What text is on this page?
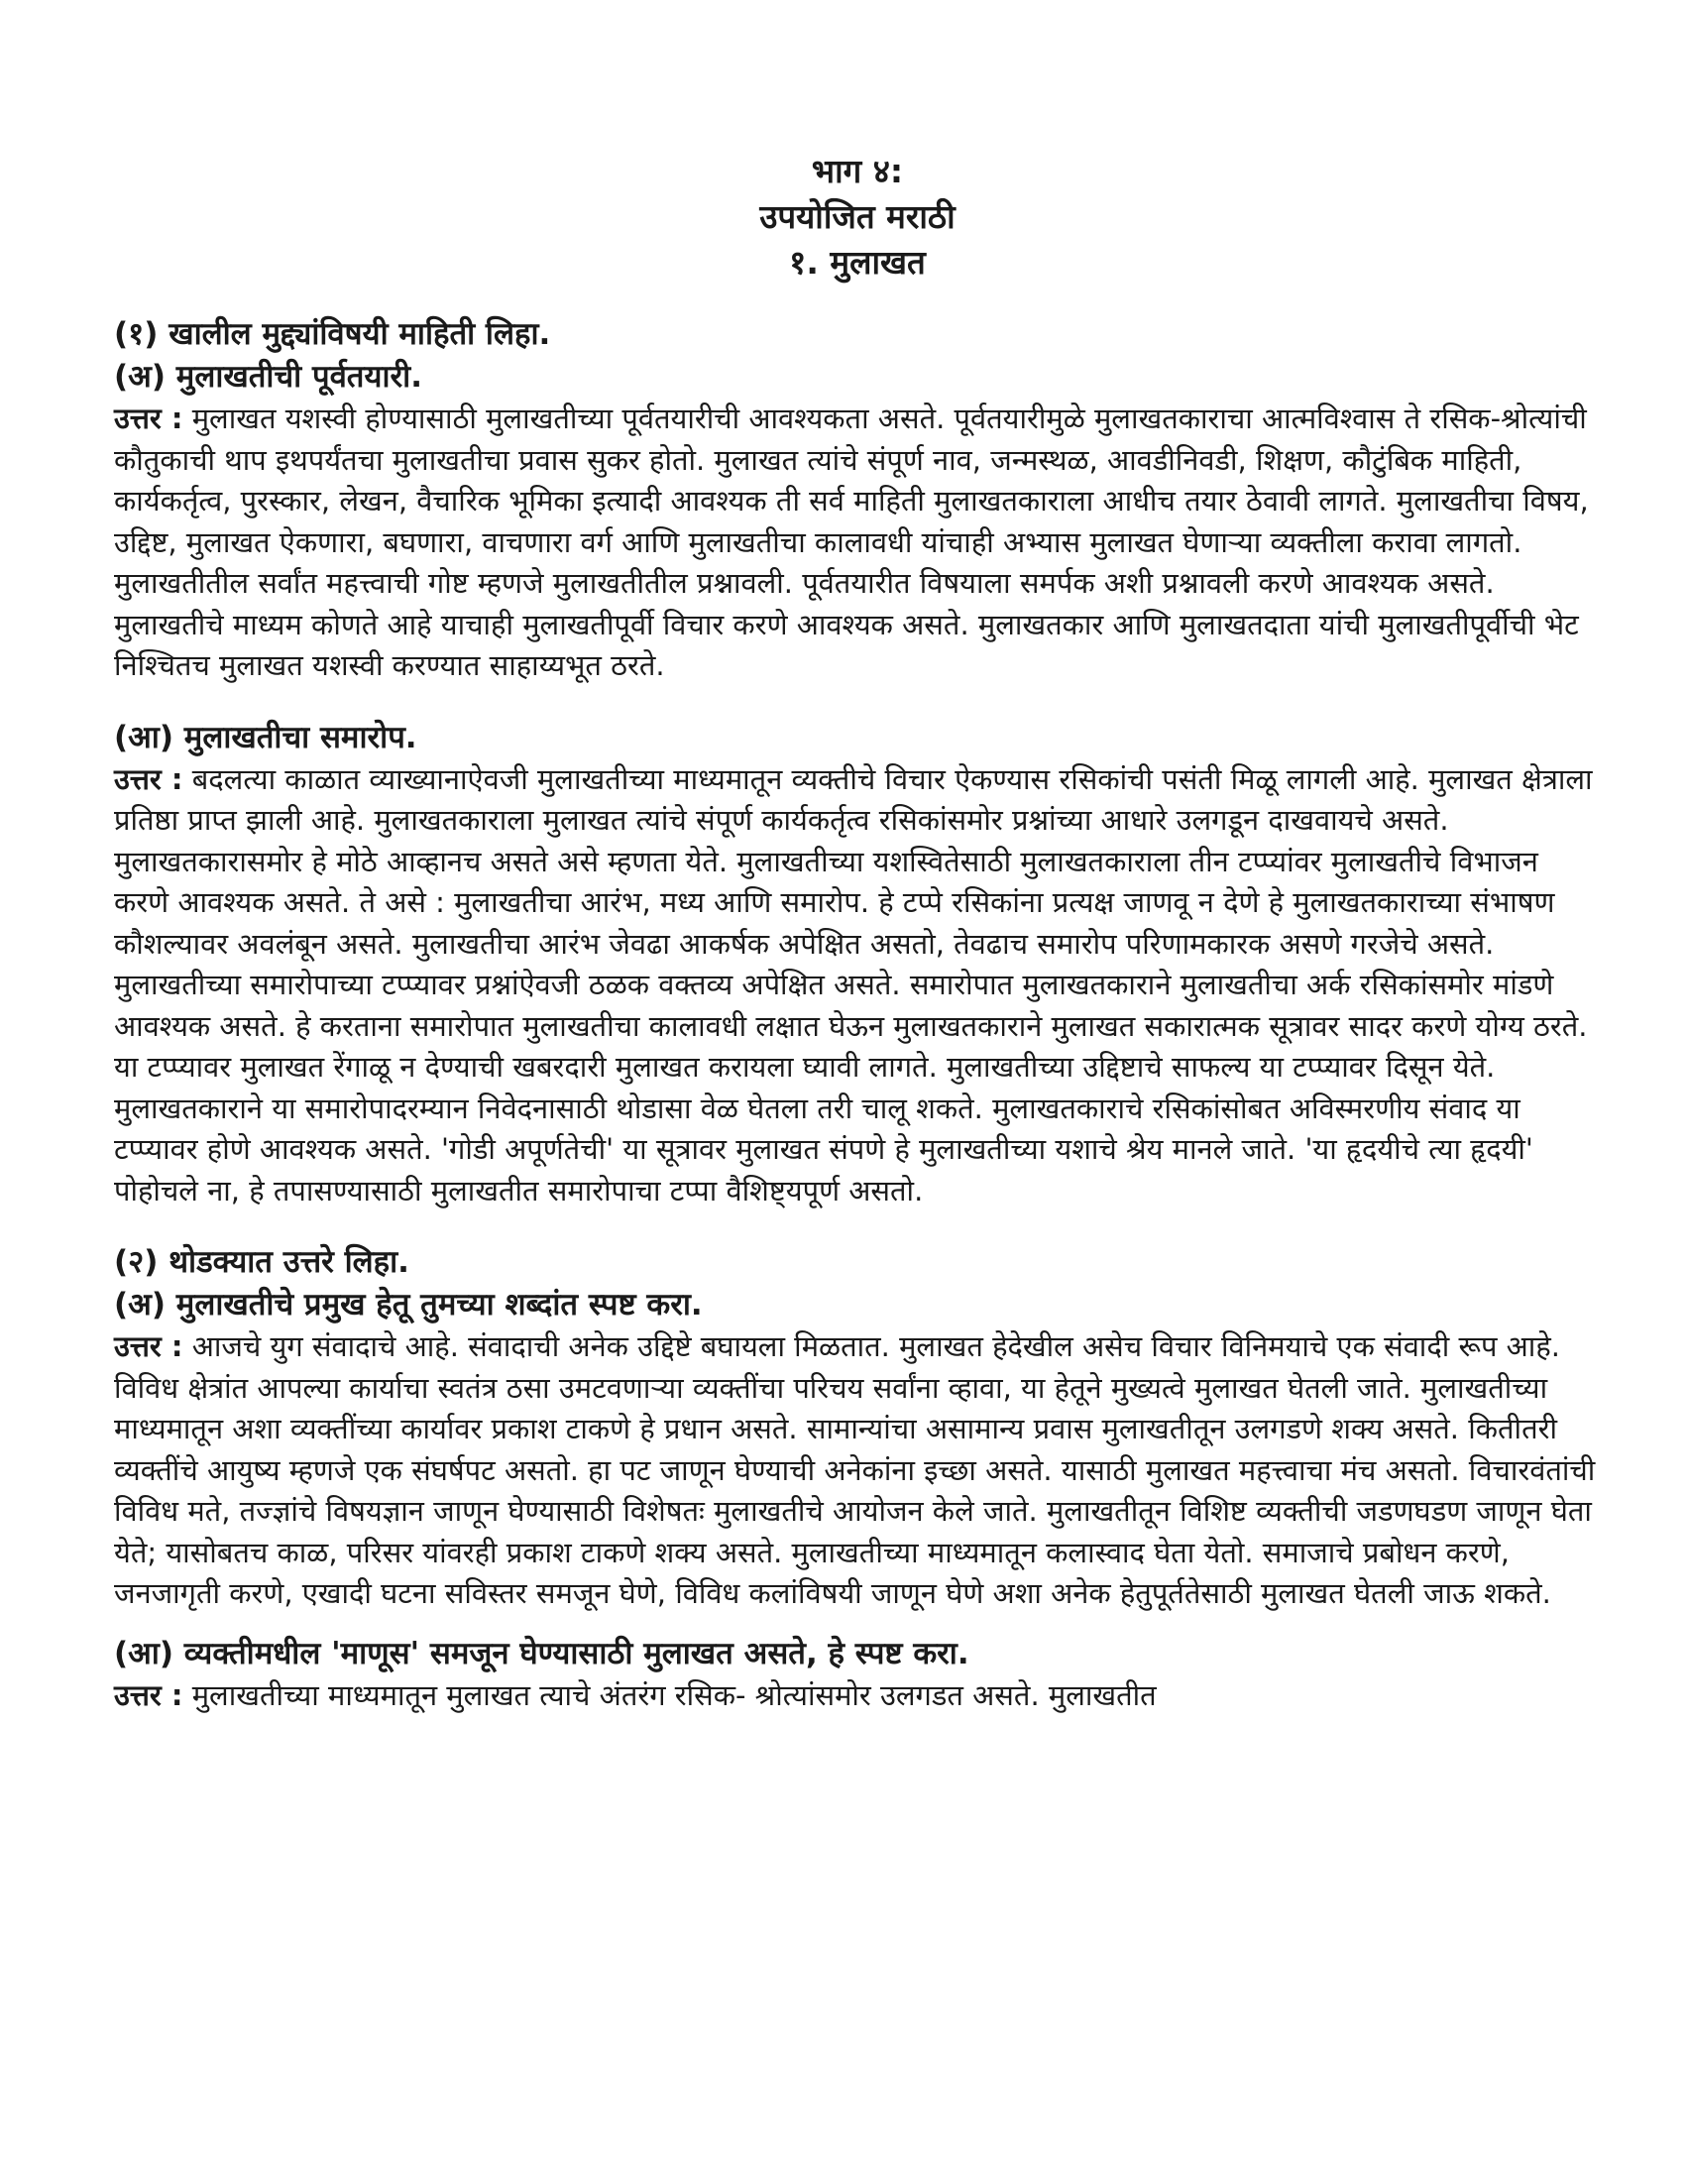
भाग ४:
उपयोजित मराठी
१. मुलाखत

(१) खालील मुद्द्यांविषयी माहिती लिहा.

(अ) मुलाखतीची पूर्वतयारी.

उत्तर : मुलाखत यशस्वी होण्यासाठी मुलाखतीच्या पूर्वतयारीची आवश्यकता असते. पूर्वतयारीमुळे मुलाखतकाराचा आत्मविश्वास ते रसिक-श्रोत्यांची कौतुकाची थाप इथपर्यंतचा मुलाखतीचा प्रवास सुकर होतो. मुलाखत त्यांचे संपूर्ण नाव, जन्मस्थळ, आवडीनिवडी, शिक्षण, कौटुंबिक माहिती, कार्यकर्तृत्व, पुरस्कार, लेखन, वैचारिक भूमिका इत्यादी आवश्यक ती सर्व माहिती मुलाखतकाराला आधीच तयार ठेवावी लागते. मुलाखतीचा विषय, उद्दिष्ट, मुलाखत ऐकणारा, बघणारा, वाचणारा वर्ग आणि मुलाखतीचा कालावधी यांचाही अभ्यास मुलाखत घेणाऱ्या व्यक्तीला करावा लागतो. मुलाखतीतील सर्वांत महत्त्वाची गोष्ट म्हणजे मुलाखतीतील प्रश्नावली. पूर्वतयारीत विषयाला समर्पक अशी प्रश्नावली करणे आवश्यक असते. मुलाखतीचे माध्यम कोणते आहे याचाही मुलाखतीपूर्वी विचार करणे आवश्यक असते. मुलाखतकार आणि मुलाखतदाता यांची मुलाखतीपूर्वीची भेट निश्चितच मुलाखत यशस्वी करण्यात साहाय्यभूत ठरते.

(आ) मुलाखतीचा समारोप.

उत्तर : बदलत्या काळात व्याख्यानाऐवजी मुलाखतीच्या माध्यमातून व्यक्तीचे विचार ऐकण्यास रसिकांची पसंती मिळू लागली आहे. मुलाखत क्षेत्राला प्रतिष्ठा प्राप्त झाली आहे. मुलाखतकाराला मुलाखत त्यांचे संपूर्ण कार्यकर्तृत्व रसिकांसमोर प्रश्नांच्या आधारे उलगडून दाखवायचे असते. मुलाखतकारासमोर हे मोठे आव्हानच असते असे म्हणता येते. मुलाखतीच्या यशस्वितेसाठी मुलाखतकाराला तीन टप्प्यांवर मुलाखतीचे विभाजन करणे आवश्यक असते. ते असे : मुलाखतीचा आरंभ, मध्य आणि समारोप. हे टप्पे रसिकांना प्रत्यक्ष जाणवू न देणे हे मुलाखतकाराच्या संभाषण कौशल्यावर अवलंबून असते. मुलाखतीचा आरंभ जेवढा आकर्षक अपेक्षित असतो, तेवढाच समारोप परिणामकारक असणे गरजेचे असते. मुलाखतीच्या समारोपाच्या टप्प्यावर प्रश्नांऐवजी ठळक वक्तव्य अपेक्षित असते. समारोपात मुलाखतकाराने मुलाखतीचा अर्क रसिकांसमोर मांडणे आवश्यक असते. हे करताना समारोपात मुलाखतीचा कालावधी लक्षात घेऊन मुलाखतकाराने मुलाखत सकारात्मक सूत्रावर सादर करणे योग्य ठरते. या टप्प्यावर मुलाखत रेंगाळू न देण्याची खबरदारी मुलाखत करायला घ्यावी लागते. मुलाखतीच्या उद्दिष्टाचे साफल्य या टप्प्यावर दिसून येते. मुलाखतकाराने या समारोपादरम्यान निवेदनासाठी थोडासा वेळ घेतला तरी चालू शकते. मुलाखतकाराचे रसिकांसोबत अविस्मरणीय संवाद या टप्प्यावर होणे आवश्यक असते. 'गोडी अपूर्णतेची' या सूत्रावर मुलाखत संपणे हे मुलाखतीच्या यशाचे श्रेय मानले जाते. 'या हृदयीचे त्या हृदयी' पोहोचले ना, हे तपासण्यासाठी मुलाखतीत समारोपाचा टप्पा वैशिष्ट्यपूर्ण असतो.

(२) थोडक्यात उत्तरे लिहा.

(अ) मुलाखतीचे प्रमुख हेतू तुमच्या शब्दांत स्पष्ट करा.

उत्तर : आजचे युग संवादाचे आहे. संवादाची अनेक उद्दिष्टे बघायला मिळतात. मुलाखत हेदेखील असेच विचार विनिमयाचे एक संवादी रूप आहे. विविध क्षेत्रांत आपल्या कार्याचा स्वतंत्र ठसा उमटवणाऱ्या व्यक्तींचा परिचय सर्वांना व्हावा, या हेतूने मुख्यत्वे मुलाखत घेतली जाते. मुलाखतीच्या माध्यमातून अशा व्यक्तींच्या कार्यावर प्रकाश टाकणे हे प्रधान असते. सामान्यांचा असामान्य प्रवास मुलाखतीतून उलगडणे शक्य असते. कितीतरी व्यक्तींचे आयुष्य म्हणजे एक संघर्षपट असतो. हा पट जाणून घेण्याची अनेकांना इच्छा असते. यासाठी मुलाखत महत्त्वाचा मंच असतो. विचारवंतांची विविध मते, तज्ज्ञांचे विषयज्ञान जाणून घेण्यासाठी विशेषतः मुलाखतीचे आयोजन केले जाते. मुलाखतीतून विशिष्ट व्यक्तीची जडणघडण जाणून घेता येते; यासोबतच काळ, परिसर यांवरही प्रकाश टाकणे शक्य असते. मुलाखतीच्या माध्यमातून कलास्वाद घेता येतो. समाजाचे प्रबोधन करणे, जनजागृती करणे, एखादी घटना सविस्तर समजून घेणे, विविध कलांविषयी जाणून घेणे अशा अनेक हेतुपूर्ततेसाठी मुलाखत घेतली जाऊ शकते.

(आ) व्यक्तीमधील 'माणूस' समजून घेण्यासाठी मुलाखत असते, हे स्पष्ट करा.

उत्तर : मुलाखतीच्या माध्यमातून मुलाखत त्याचे अंतरंग रसिक- श्रोत्यांसमोर उलगडत असते. मुलाखतीत
